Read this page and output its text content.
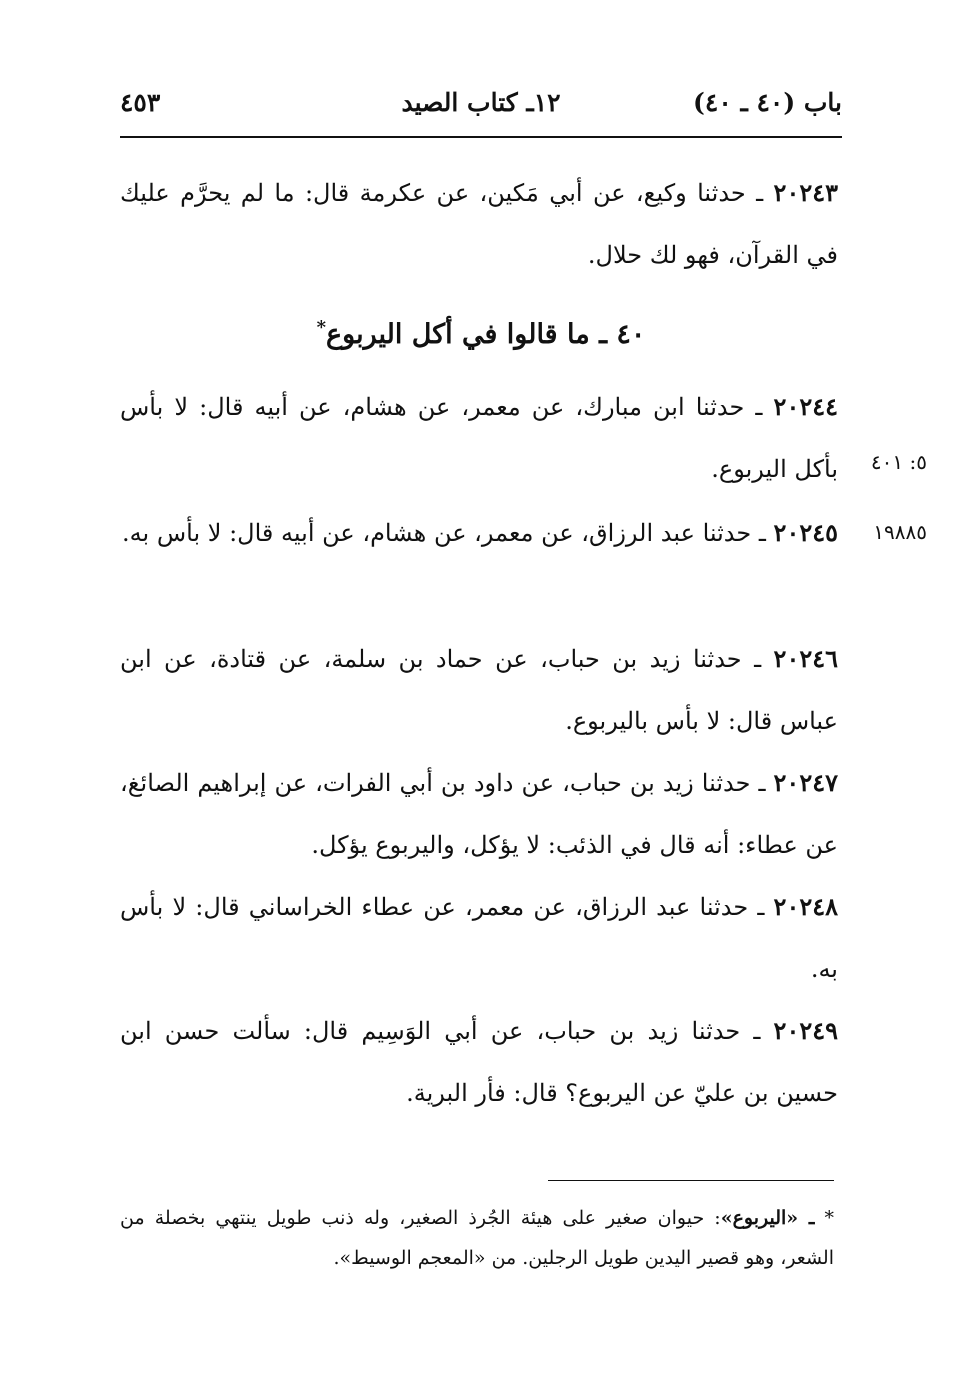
باب (٤٠ ـ ٤٠)
١٢ـ كتاب الصيد
٤٥٣
٢٠٢٤٣ ـ حدثنا وكيع، عن أبي مَكين، عن عكرمة قال: ما لم يحرَّم عليك في القرآن، فهو لك حلال.
٤٠ ـ ما قالوا في أكل اليربوع*
٢٠٢٤٤ ـ حدثنا ابن مبارك، عن معمر، عن هشام، عن أبيه قال: لا بأس بأكل اليربوع. ٥: ٤٠١
٢٠٢٤٥ ـ حدثنا عبد الرزاق، عن معمر، عن هشام، عن أبيه قال: لا بأس به.	١٩٨٨٥
٢٠٢٤٦ ـ حدثنا زيد بن حباب، عن حماد بن سلمة، عن قتادة، عن ابن عباس قال: لا بأس باليربوع.
٢٠٢٤٧ ـ حدثنا زيد بن حباب، عن داود بن أبي الفرات، عن إبراهيم الصائغ، عن عطاء: أنه قال في الذئب: لا يؤكل، واليربوع يؤكل.
٢٠٢٤٨ ـ حدثنا عبد الرزاق، عن معمر، عن عطاء الخراساني قال: لا بأس به.
٢٠٢٤٩ ـ حدثنا زيد بن حباب، عن أبي الوَسِيم قال: سألت حسن ابن حسين بن عليّ عن اليربوع؟ قال: فأر البرية.
* ـ «اليربوع»: حيوان صغير على هيئة الجُرذ الصغير، وله ذنب طويل ينتهي بخصلة من الشعر، وهو قصير اليدين طويل الرجلين. من «المعجم الوسيط».
